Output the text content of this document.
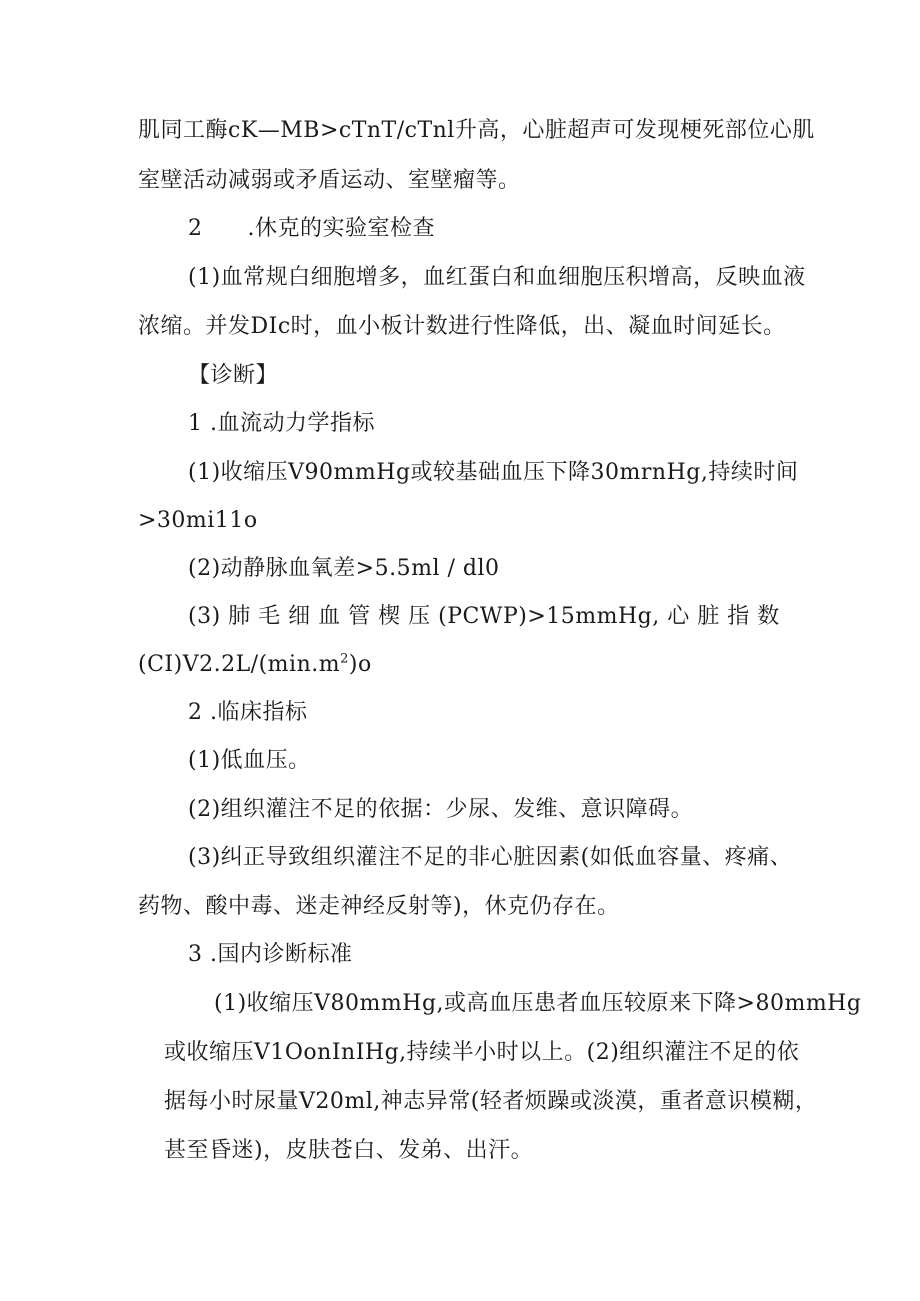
肌同工酶cK—MB>cTnT/cTnl升高，心脏超声可发现梗死部位心肌
室壁活动减弱或矛盾运动、室壁瘤等。
2　　.休克的实验室检查
(1)血常规白细胞增多，血红蛋白和血细胞压积增高，反映血液
浓缩。并发DIc时，血小板计数进行性降低，出、凝血时间延长。
【诊断】
1 .血流动力学指标
(1)收缩压V90mmHg或较基础血压下降30mrnHg,持续时间
>30mi11o
(2)动静脉血氧差>5.5ml / dl0
(3) 肺 毛 细 血 管 楔 压 (PCWP)>15mmHg, 心 脏 指 数
$(CI)V2.2L/(\min.m^2)o$
2 .临床指标
(1)低血压。
(2)组织灌注不足的依据：少尿、发维、意识障碍。
(3)纠正导致组织灌注不足的非心脏因素(如低血容量、疼痛、
药物、酸中毒、迷走神经反射等)，休克仍存在。
3 .国内诊断标准
(1)收缩压V80mmHg,或高血压患者血压较原来下降>80mmHg
或收缩压V1OonInIHg,持续半小时以上。(2)组织灌注不足的依
据每小时尿量V20ml,神志异常(轻者烦躁或淡漠，重者意识模糊，
甚至昏迷)，皮肤苍白、发弟、出汗。
